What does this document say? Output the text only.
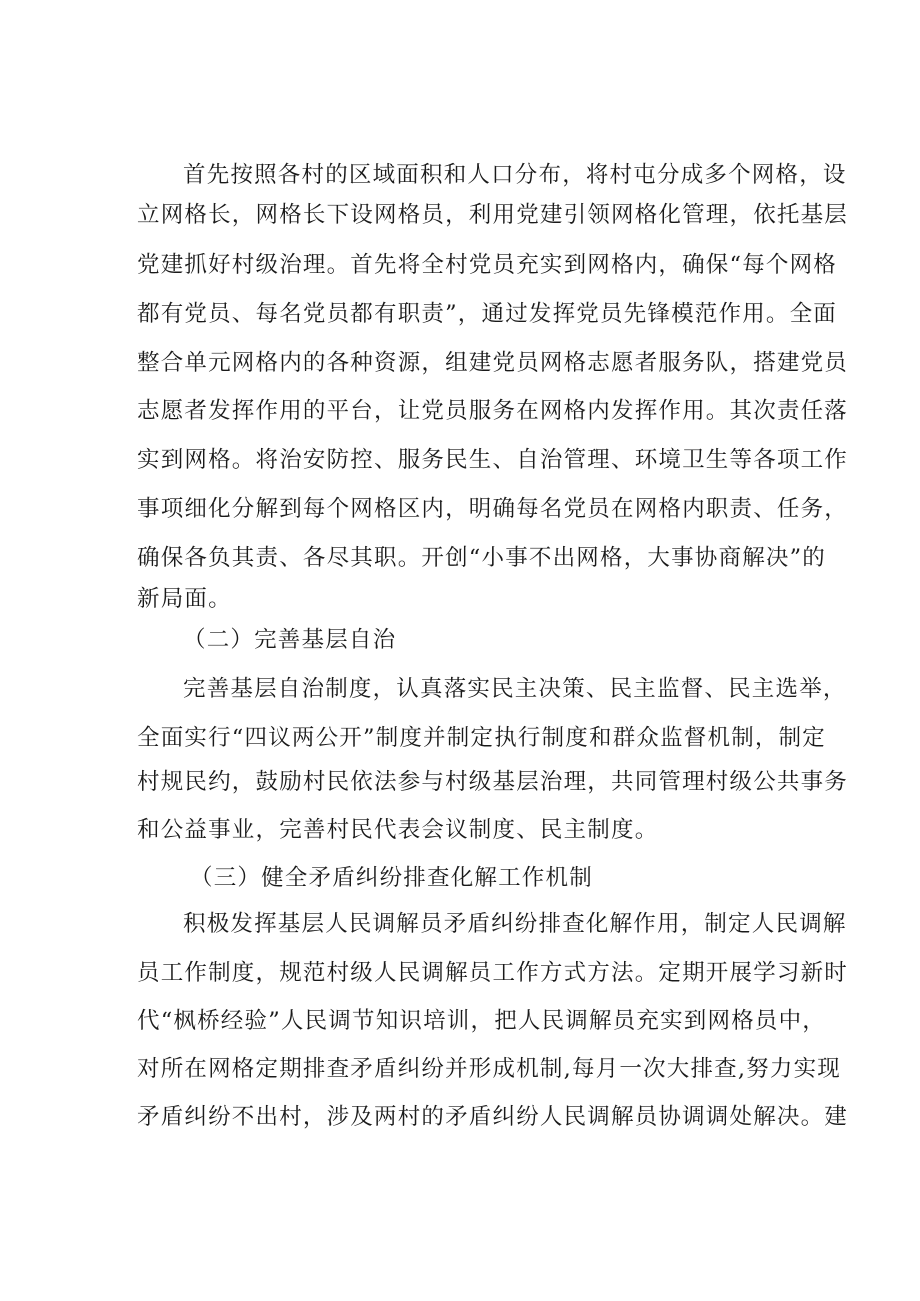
首先按照各村的区域面积和人口分布，将村屯分成多个网格，设
立网格长，网格长下设网格员，利用党建引领网格化管理，依托基层
党建抓好村级治理。首先将全村党员充实到网格内，确保“每个网格
都有党员、每名党员都有职责”，通过发挥党员先锋模范作用。全面
整合单元网格内的各种资源，组建党员网格志愿者服务队，搭建党员
志愿者发挥作用的平台，让党员服务在网格内发挥作用。其次责任落
实到网格。将治安防控、服务民生、自治管理、环境卫生等各项工作
事项细化分解到每个网格区内，明确每名党员在网格内职责、任务，
确保各负其责、各尽其职。开创“小事不出网格，大事协商解决”的
新局面。
（二）完善基层自治
完善基层自治制度，认真落实民主决策、民主监督、民主选举，
全面实行“四议两公开”制度并制定执行制度和群众监督机制，制定
村规民约，鼓励村民依法参与村级基层治理，共同管理村级公共事务
和公益事业，完善村民代表会议制度、民主制度。
（三）健全矛盾纠纷排查化解工作机制
积极发挥基层人民调解员矛盾纠纷排查化解作用，制定人民调解
员工作制度，规范村级人民调解员工作方式方法。定期开展学习新时
代“枫桥经验”人民调节知识培训，把人民调解员充实到网格员中，
对所在网格定期排查矛盾纠纷并形成机制,每月一次大排查,努力实现
矛盾纠纷不出村，涉及两村的矛盾纠纷人民调解员协调调处解决。建
